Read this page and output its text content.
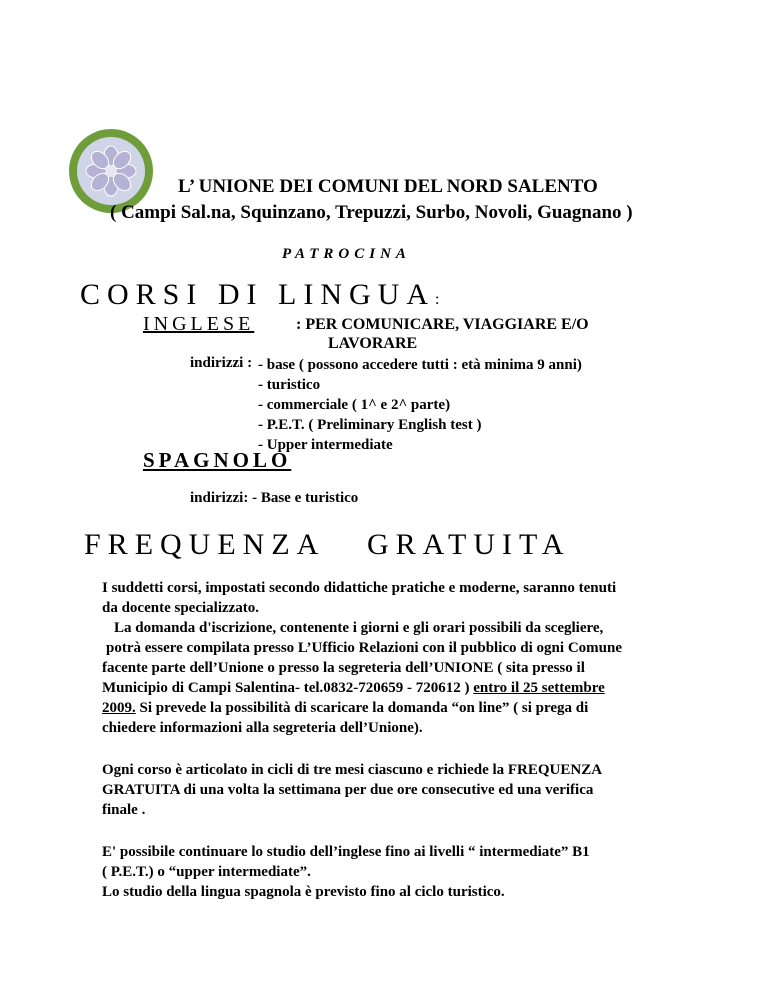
L’ UNIONE DEI COMUNI DEL NORD SALENTO
( Campi Sal.na, Squinzano, Trepuzzi, Surbo, Novoli, Guagnano )
PATROCINA
CORSI DI LINGUA:
INGLESE	: PER COMUNICARE, VIAGGIARE E/O
LAVORARE
indirizzi : - base ( possono accedere tutti : età minima 9 anni)
- turistico
- commerciale ( 1^ e 2^ parte)
- P.E.T. ( Preliminary English test )
- Upper intermediate
SPAGNOLO
indirizzi: - Base e turistico
FREQUENZA GRATUITA

I suddetti corsi, impostati secondo didattiche pratiche e moderne, saranno tenuti

da docente specializzato.

La domanda d'iscrizione, contenente i giorni e gli orari possibili da scegliere,

potrà essere compilata presso L’Ufficio Relazioni con il pubblico di ogni Comune

facente parte dell’Unione o presso la segreteria dell’UNIONE ( sita presso il

Municipio di Campi Salentina- tel.0832-720659 - 720612 ) entro il 25 settembre

2009. Si prevede la possibilità di scaricare la domanda “on line” ( si prega di

chiedere informazioni alla segreteria dell’Unione).

Ogni corso è articolato in cicli di tre mesi ciascuno e richiede la FREQUENZA

GRATUITA di una volta la settimana per due ore consecutive ed una verifica

finale .

E' possibile continuare lo studio dell’inglese fino ai livelli “ intermediate” B1

( P.E.T.) o “upper intermediate”.

Lo studio della lingua spagnola è previsto fino al ciclo turistico.
